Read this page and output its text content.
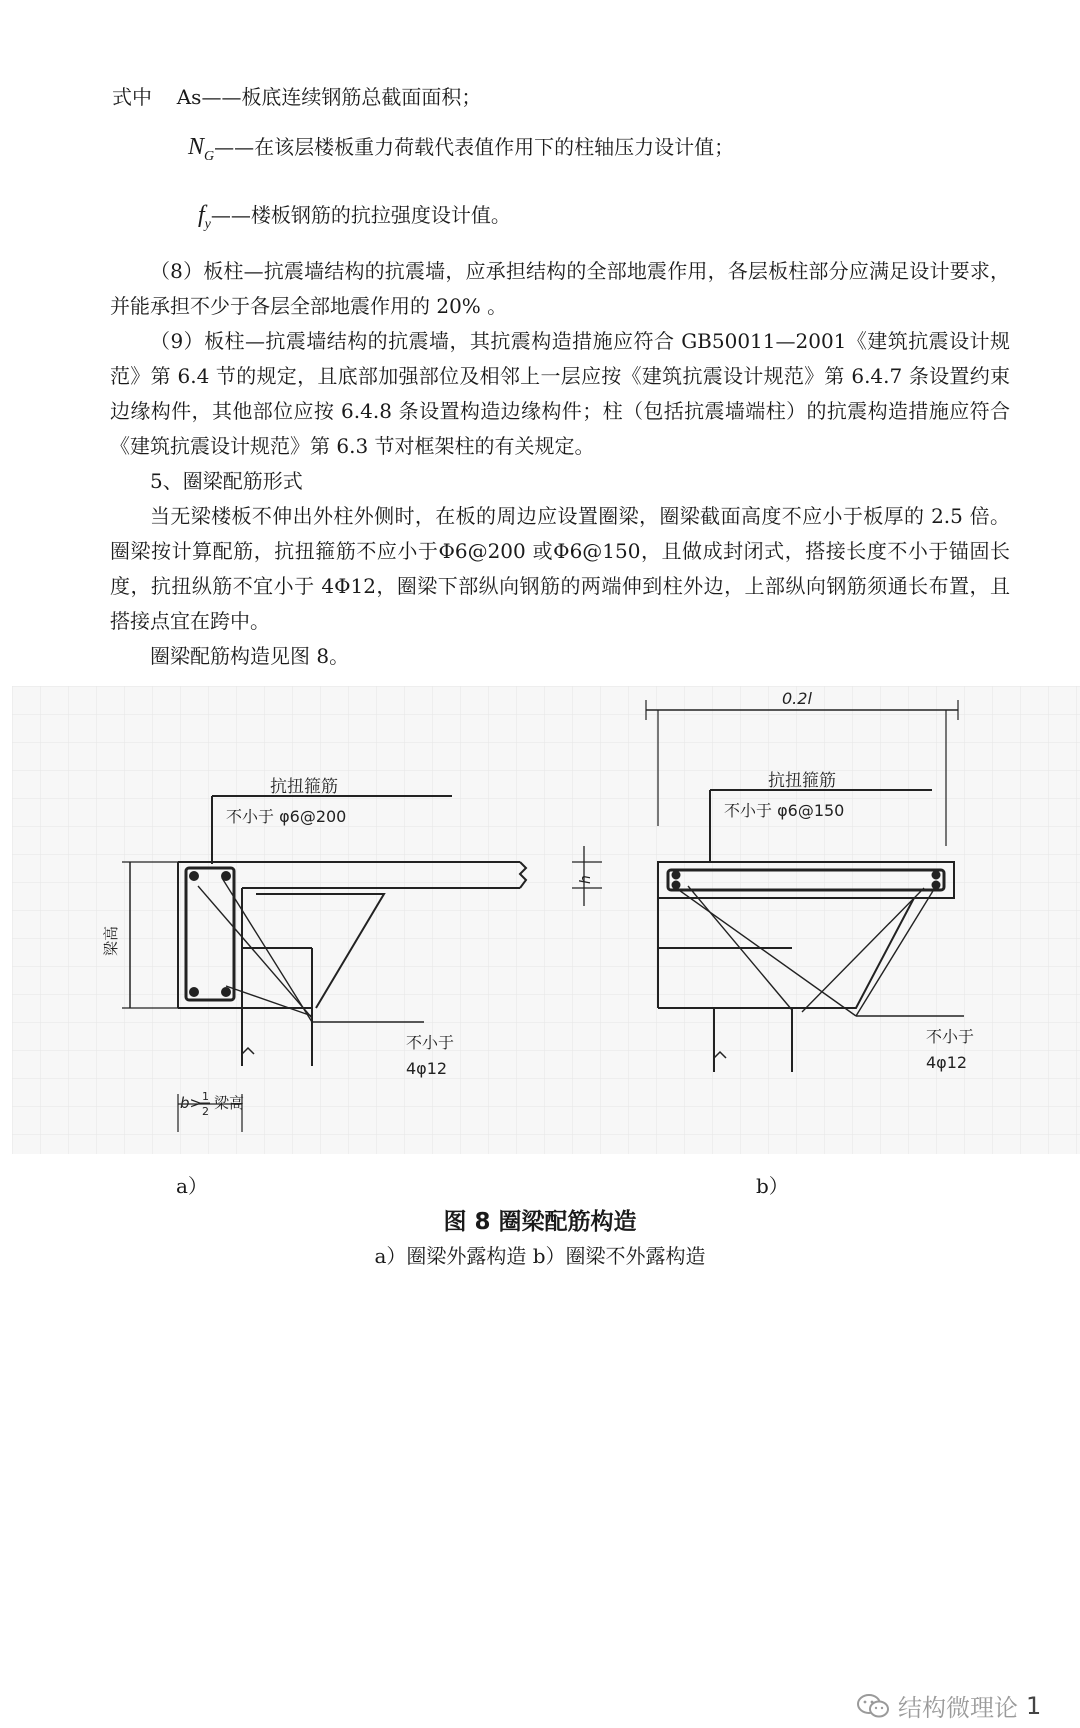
式中 As——板底连续钢筋总截面面积；
$N_G——$在该层楼板重力荷载代表值作用下的柱轴压力设计值；
$f_y——$楼板钢筋的抗拉强度设计值。
（8）板柱—抗震墙结构的抗震墙，应承担结构的全部地震作用，各层板柱部分应满足设计要求，并能承担不少于各层全部地震作用的 20% 。
（9）板柱—抗震墙结构的抗震墙，其抗震构造措施应符合 GB50011—2001《建筑抗震设计规范》第 6.4 节的规定，且底部加强部位及相邻上一层应按《建筑抗震设计规范》第 6.4.7 条设置约束边缘构件，其他部位应按 6.4.8 条设置构造边缘构件；柱（包括抗震墙端柱）的抗震构造措施应符合《建筑抗震设计规范》第 6.3 节对框架柱的有关规定。
5、圈梁配筋形式
当无梁楼板不伸出外柱外侧时，在板的周边应设置圈梁，圈梁截面高度不应小于板厚的 2.5 倍。圈梁按计算配筋，抗扭箍筋不应小于Φ6@200 或Φ6@150，且做成封闭式，搭接长度不小于锚固长度，抗扭纵筋不宜小于 4Φ12，圈梁下部纵向钢筋的两端伸到柱外边，上部纵向钢筋须通长布置，且搭接点宜在跨中。
圈梁配筋构造见图 8。
抗扭箍筋
不小于 φ6@200
梁高
h
不小于
4φ12
b> 1
2 梁高
0.2l
抗扭箍筋
不小于 φ6@150
不小于
4φ12
a）	b）
图 8 圈梁配筋构造
a）圈梁外露构造 b）圈梁不外露构造
结构微理论 1
